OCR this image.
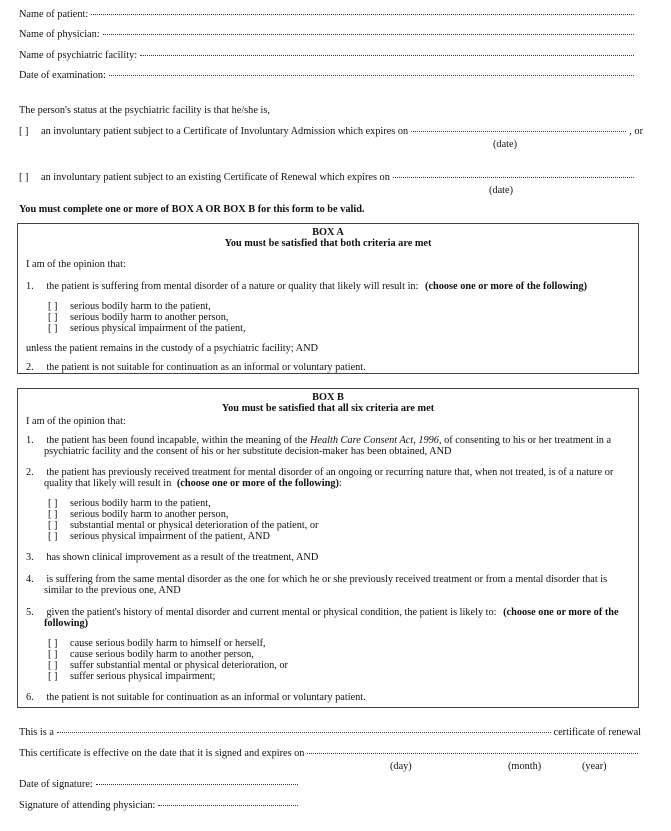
Name of patient:
Name of physician:
Name of psychiatric facility:
Date of examination:
The person's status at the psychiatric facility is that he/she is,
[ ]	an involuntary patient subject to a Certificate of Involuntary Admission which expires on	, or
(date)
[ ]	an involuntary patient subject to an existing Certificate of Renewal which expires on
(date)
You must complete one or more of BOX A OR BOX B for this form to be valid.
BOX A
You must be satisfied that both criteria are met
I am of the opinion that:
1. the patient is suffering from mental disorder of a nature or quality that likely will result in: (choose one or more of the following)
[ ] serious bodily harm to the patient,
[ ] serious bodily harm to another person,
[ ] serious physical impairment of the patient,
unless the patient remains in the custody of a psychiatric facility; AND
2. the patient is not suitable for continuation as an informal or voluntary patient.
BOX B
You must be satisfied that all six criteria are met
I am of the opinion that:
1. the patient has been found incapable, within the meaning of the Health Care Consent Act, 1996, of consenting to his or her treatment in a
psychiatric facility and the consent of his or her substitute decision-maker has been obtained, AND
2. the patient has previously received treatment for mental disorder of an ongoing or recurring nature that, when not treated, is of a nature or
quality that likely will result in (choose one or more of the following):
[ ] serious bodily harm to the patient,
[ ] serious bodily harm to another person,
[ ] substantial mental or physical deterioration of the patient, or
[ ] serious physical impairment of the patient, AND
3. has shown clinical improvement as a result of the treatment, AND
4. is suffering from the same mental disorder as the one for which he or she previously received treatment or from a mental disorder that is
similar to the previous one, AND
5. given the patient's history of mental disorder and current mental or physical condition, the patient is likely to: (choose one or more of the
following)
[ ] cause serious bodily harm to himself or herself,
[ ] cause serious bodily harm to another person,
[ ] suffer substantial mental or physical deterioration, or
[ ] suffer serious physical impairment;
6. the patient is not suitable for continuation as an informal or voluntary patient.
This is a	certificate of renewal
This certificate is effective on the date that it is signed and expires on
(day)	(month)	(year)
Date of signature:
Signature of attending physician:
